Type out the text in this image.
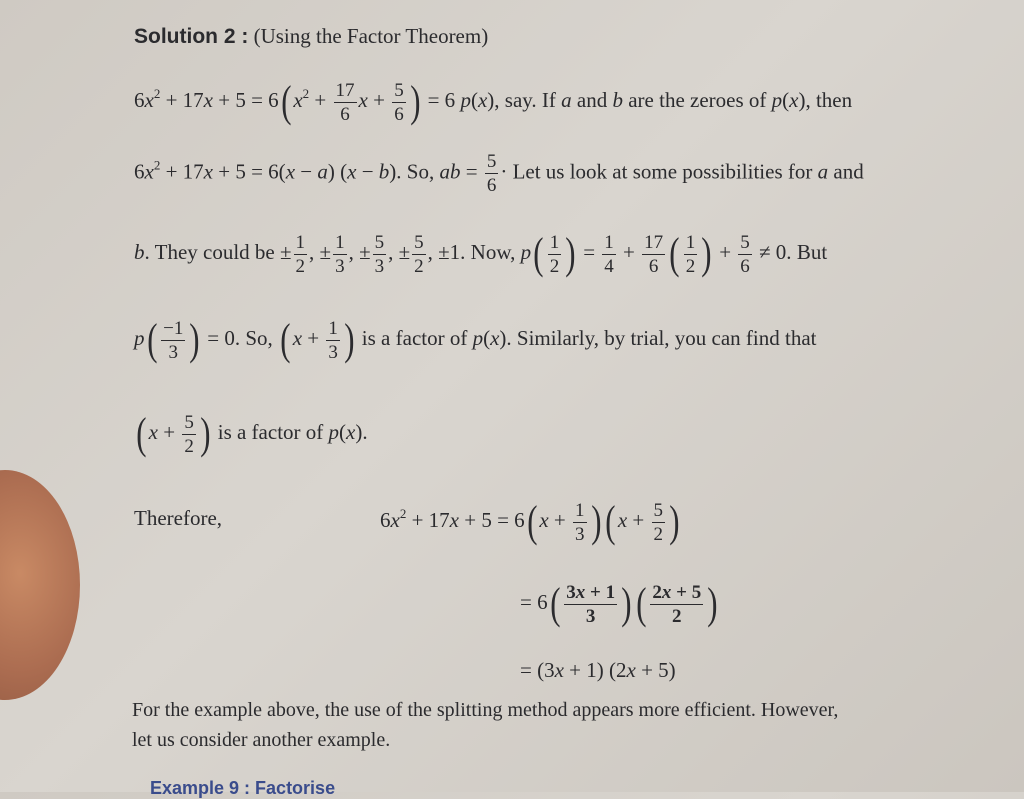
Solution 2 : (Using the Factor Theorem)
$6x^2 + 17x + 5 = 6$( $x^2 + \frac{17}{6}$ $x + \frac{5}{6}$ ) = 6 p(x), say. If a and b are the zeroes of p(x), then
$6x^2 + 17x + 5 = 6(x - a) (x - b)$. So, ab = $\frac{5}{6}$ · Let us look at some possibilities for a and
b. They could be ± $\frac{1}{2}$ , ± $\frac{1}{3}$ , ± $\frac{5}{3}$ , ± $\frac{5}{2}$ , ±1. Now, $p( \frac{1}{2}$ ) = $\frac{1}{4} + \frac{17}{6}$ ( $\frac{1}{2}$ ) + $\frac{5}{6} \ne 0$. But
$p( \frac{-1}{3}$ ) = 0. So, ( $x + \frac{1}{3}$ ) is a factor of p(x). Similarly, by trial, you can find that
( $x + \frac{5}{2}$ ) is a factor of p(x).
Therefore,	$6x^2 + 17x + 5 = 6$( $x + \frac{1}{3}$ )( $x + \frac{5}{2}$ )
= $6( \frac{3x + 1}{3}$ )( $\frac{2x + 5}{2}$ )
= (3x + 1) (2x + 5)
For the example above, the use of the splitting method appears more efficient. However,
let us consider another example.
Example 9 : Factorise
